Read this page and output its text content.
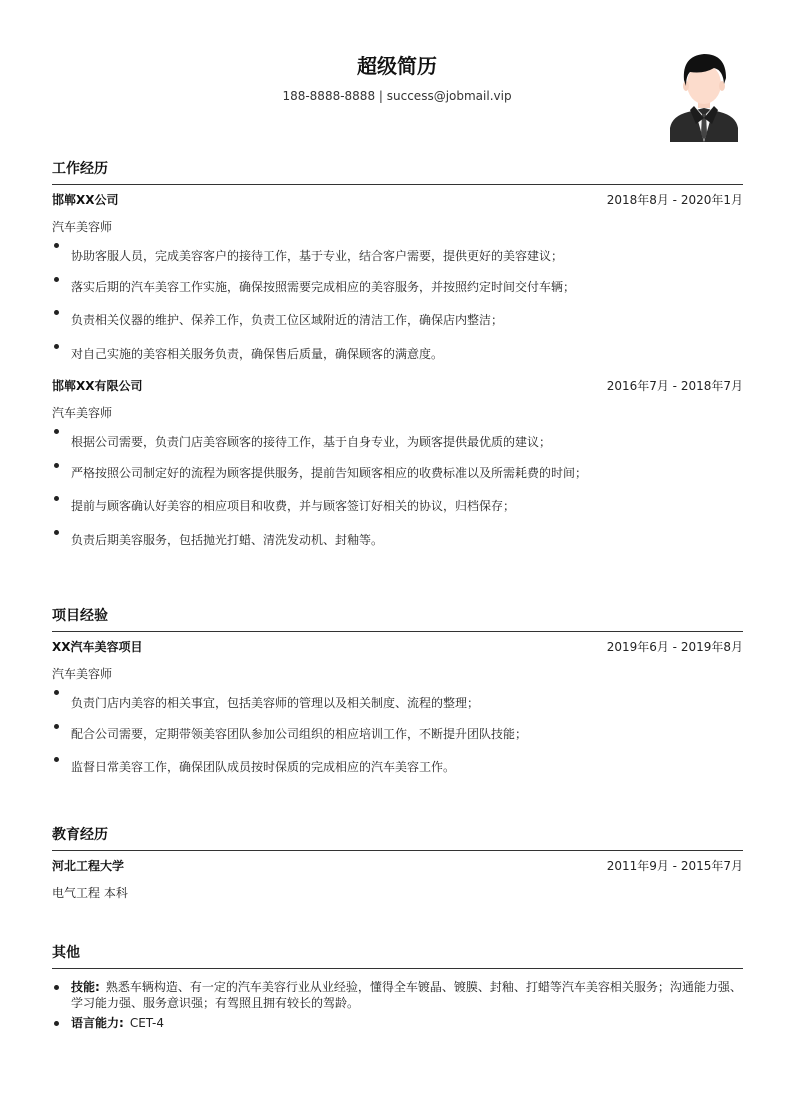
超级简历
188-8888-8888 | success@jobmail.vip
工作经历
邯郸XX公司	2018年8月 - 2020年1月
汽车美容师
协助客服人员，完成美容客户的接待工作，基于专业，结合客户需要，提供更好的美容建议；
落实后期的汽车美容工作实施，确保按照需要完成相应的美容服务，并按照约定时间交付车辆；
负责相关仪器的维护、保养工作，负责工位区域附近的清洁工作，确保店内整洁；
对自己实施的美容相关服务负责，确保售后质量，确保顾客的满意度。
邯郸XX有限公司	2016年7月 - 2018年7月
汽车美容师
根据公司需要，负责门店美容顾客的接待工作，基于自身专业，为顾客提供最优质的建议；
严格按照公司制定好的流程为顾客提供服务，提前告知顾客相应的收费标准以及所需耗费的时间；
提前与顾客确认好美容的相应项目和收费，并与顾客签订好相关的协议，归档保存；
负责后期美容服务，包括抛光打蜡、清洗发动机、封釉等。
项目经验
XX汽车美容项目	2019年6月 - 2019年8月
汽车美容师
负责门店内美容的相关事宜，包括美容师的管理以及相关制度、流程的整理；
配合公司需要，定期带领美容团队参加公司组织的相应培训工作，不断提升团队技能；
监督日常美容工作，确保团队成员按时保质的完成相应的汽车美容工作。
教育经历
河北工程大学	2011年9月 - 2015年7月
电气工程 本科
其他
技能: 熟悉车辆构造、有一定的汽车美容行业从业经验，懂得全车镀晶、镀膜、封釉、打蜡等汽车美容相关服务；沟通能力强、学习能力强、服务意识强；有驾照且拥有较长的驾龄。
语言能力: CET-4
